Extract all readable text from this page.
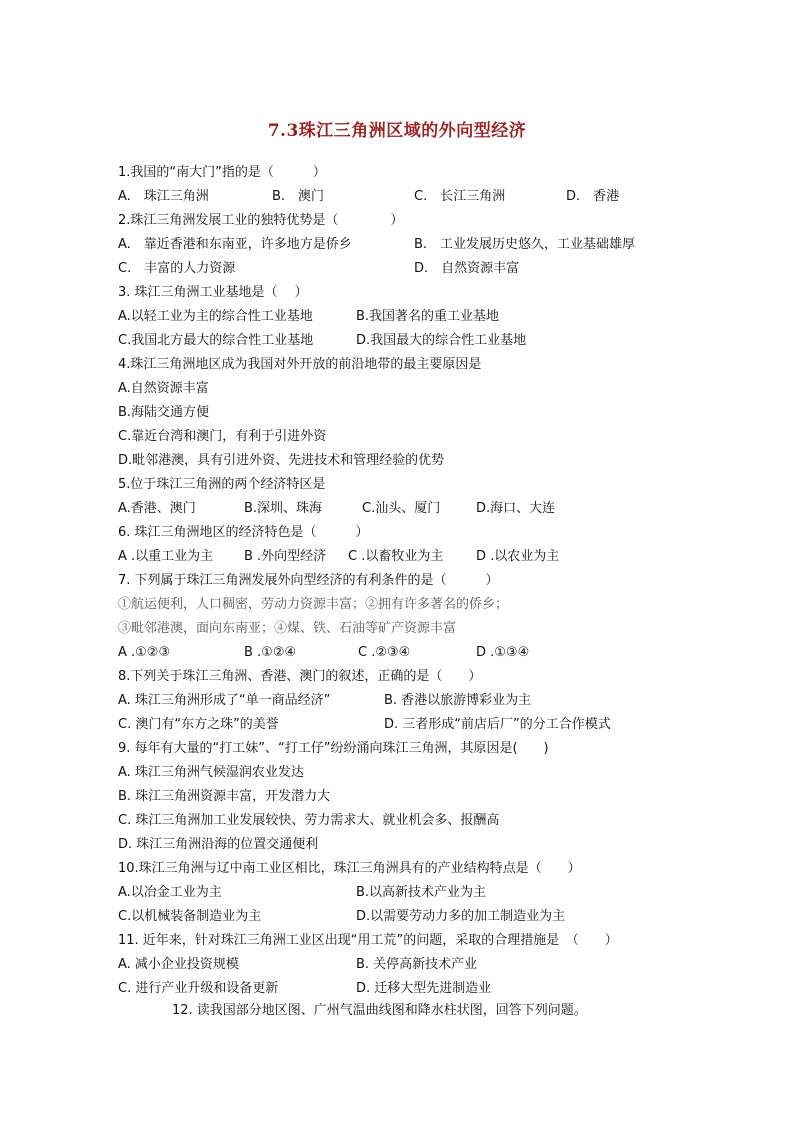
7.3珠江三角洲区域的外向型经济
1.我国的“南大门”指的是（　　　）
A.　珠江三角洲	B.　澳门	C.　长江三角洲	D.　香港
2.珠江三角洲发展工业的独特优势是（　　　　）
A.　靠近香港和东南亚，许多地方是侨乡	B.　工业发展历史悠久，工业基础雄厚
C.　丰富的人力资源	D.　自然资源丰富
3. 珠江三角洲工业基地是（　 ）
A.以轻工业为主的综合性工业基地	B.我国著名的重工业基地
C.我国北方最大的综合性工业基地	D.我国最大的综合性工业基地
4.珠江三角洲地区成为我国对外开放的前沿地带的最主要原因是
A.自然资源丰富
B.海陆交通方便
C.靠近台湾和澳门，有利于引进外资
D.毗邻港澳，具有引进外资、先进技术和管理经验的优势
5.位于珠江三角洲的两个经济特区是
A.香港、澳门	B.深圳、珠海	C.汕头、厦门	D.海口、大连
6. 珠江三角洲地区的经济特色是（　　　）
A .以重工业为主 B .外向型经济 C .以畜牧业为主	D .以农业为主
7. 下列属于珠江三角洲发展外向型经济的有利条件的是（　　　）
①航运便利，人口稠密，劳动力资源丰富；②拥有许多著名的侨乡；
③毗邻港澳，面向东南亚；④煤、铁、石油等矿产资源丰富
A .①②③	B .①②④	C .②③④	D .①③④
8.下列关于珠江三角洲、香港、澳门的叙述，正确的是（　　）
A. 珠江三角洲形成了“单一商品经济”	B. 香港以旅游博彩业为主
C. 澳门有“东方之珠”的美誉	D. 三者形成“前店后厂”的分工合作模式
9. 每年有大量的“打工妹”、“打工仔”纷纷涌向珠江三角洲，其原因是(　　)
A. 珠江三角洲气候湿润农业发达
B. 珠江三角洲资源丰富，开发潜力大
C. 珠江三角洲加工业发展较快、劳力需求大、就业机会多、报酬高
D. 珠江三角洲沿海的位置交通便利
10.珠江三角洲与辽中南工业区相比，珠江三角洲具有的产业结构特点是（　　）
A.以冶金工业为主	B.以高新技术产业为主
C.以机械装备制造业为主	D.以需要劳动力多的加工制造业为主
11. 近年来，针对珠江三角洲工业区出现“用工荒”的问题，采取的合理措施是　（　　）
A. 减小企业投资规模	B. 关停高新技术产业
C. 进行产业升级和设备更新	D. 迁移大型先进制造业
12. 读我国部分地区图、广州气温曲线图和降水柱状图，回答下列问题。
